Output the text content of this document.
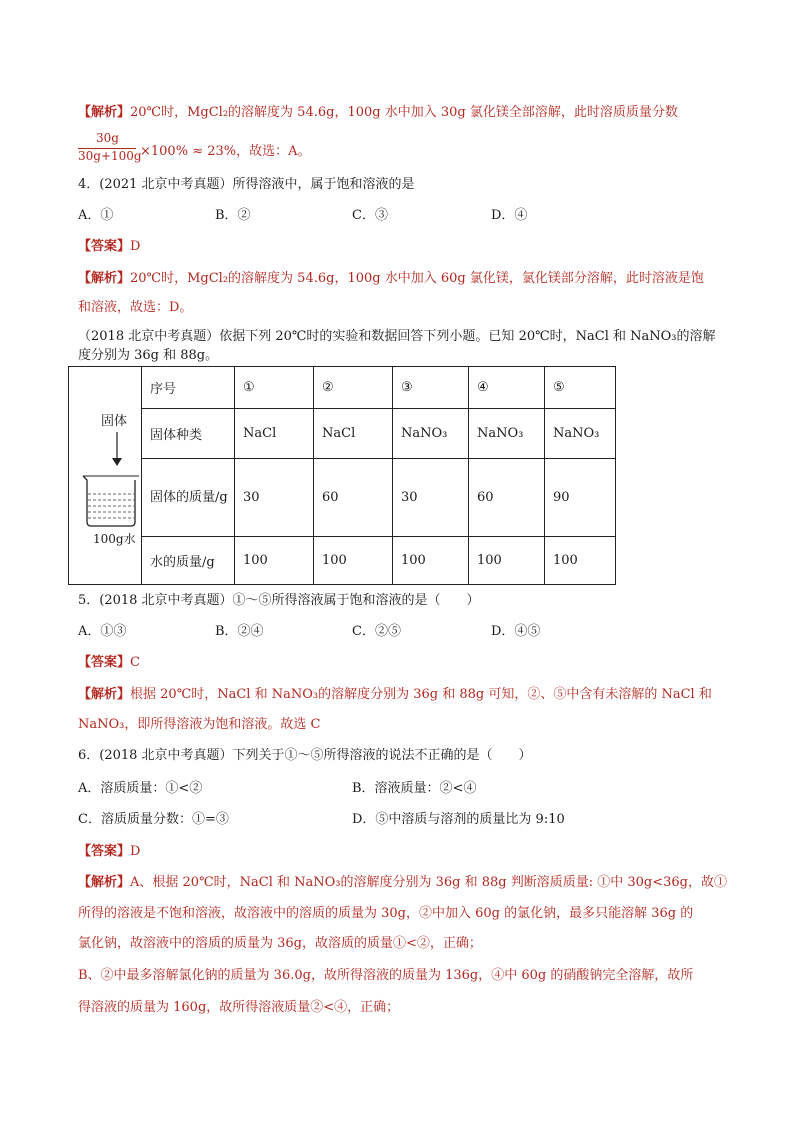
【解析】20℃时，MgCl₂的溶解度为 54.6g，100g 水中加入 30g 氯化镁全部溶解，此时溶质质量分数
30g
30g+100g
×100% ≈ 23%，故选：A。
4．(2021 北京中考真题）所得溶液中，属于饱和溶液的是
A．①	B．②	C．③	D．④
【答案】D
【解析】20℃时，MgCl₂的溶解度为 54.6g，100g 水中加入 60g 氯化镁，氯化镁部分溶解，此时溶液是饱
和溶液，故选：D。
（2018 北京中考真题）依据下列 20℃时的实验和数据回答下列小题。已知 20℃时，NaCl 和 NaNO₃的溶解
度分别为 36g 和 88g。
固体
100g水	序号	①	②	③	④	⑤
	固体种类	NaCl	NaCl	NaNO₃	NaNO₃	NaNO₃
	固体的质量/g	30	60	30	60	90
	水的质量/g	100	100	100	100	100
5．(2018 北京中考真题）①～⑤所得溶液属于饱和溶液的是（　　）
A．①③	B．②④	C．②⑤	D．④⑤
【答案】C
【解析】根据 20℃时，NaCl 和 NaNO₃的溶解度分别为 36g 和 88g 可知，②、⑤中含有未溶解的 NaCl 和
NaNO₃，即所得溶液为饱和溶液。故选 C
6．(2018 北京中考真题）下列关于①～⑤所得溶液的说法不正确的是（　　）
A．溶质质量：①<②	B．溶液质量：②<④
C．溶质质量分数：①=③	D．⑤中溶质与溶剂的质量比为 9:10
【答案】D
【解析】A、根据 20℃时，NaCl 和 NaNO₃的溶解度分别为 36g 和 88g 判断溶质质量: ①中 30g<36g，故①
所得的溶液是不饱和溶液，故溶液中的溶质的质量为 30g，②中加入 60g 的氯化钠，最多只能溶解 36g 的
氯化钠，故溶液中的溶质的质量为 36g，故溶质的质量①<②，正确；
B、②中最多溶解氯化钠的质量为 36.0g，故所得溶液的质量为 136g，④中 60g 的硝酸钠完全溶解，故所
得溶液的质量为 160g，故所得溶液质量②<④，正确；
